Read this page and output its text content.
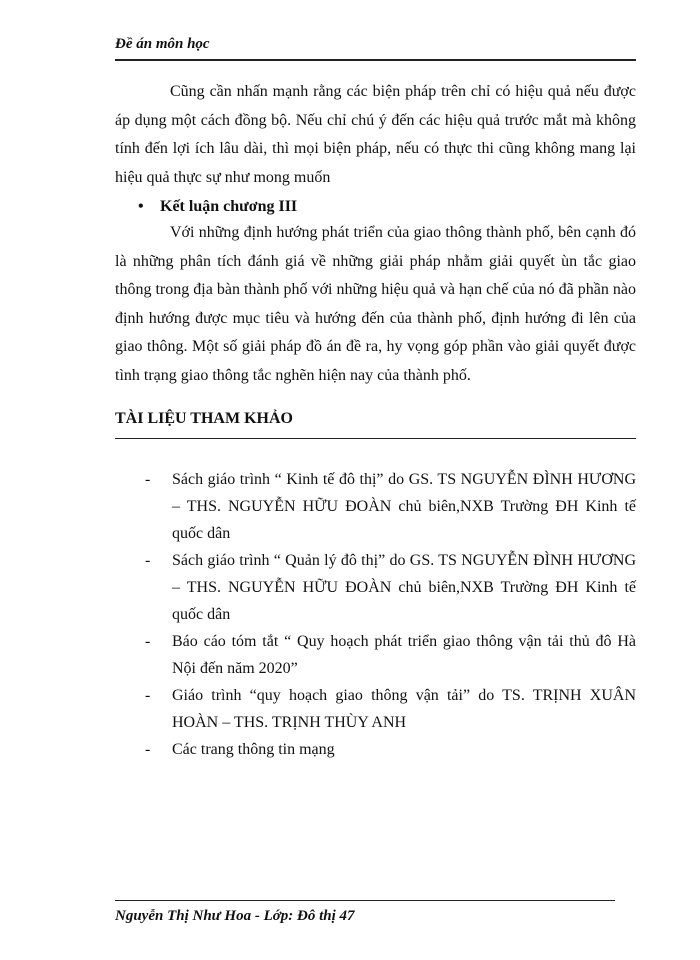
Đề án môn học

Cũng cần nhấn mạnh rằng các biện pháp trên chỉ có hiệu quả nếu được áp dụng một cách đồng bộ. Nếu chỉ chú ý đến các hiệu quả trước mắt mà không tính đến lợi ích lâu dài, thì mọi biện pháp, nếu có thực thi cũng không mang lại hiệu quả thực sự như mong muốn

• Kết luận chương III

Với những định hướng phát triển của giao thông thành phố, bên cạnh đó là những phân tích đánh giá về những giải pháp nhằm giải quyết ùn tắc giao thông trong địa bàn thành phố với những hiệu quả và hạn chế của nó đã phần nào định hướng được mục tiêu và hướng đến của thành phố, định hướng đi lên của giao thông. Một số giải pháp đồ án đề ra, hy vọng góp phần vào giải quyết được tình trạng giao thông tắc nghẽn hiện nay của thành phố.

TÀI LIỆU THAM KHẢO
- Sách giáo trình “ Kinh tế đô thị” do GS. TS NGUYỄN ĐÌNH HƯƠNG – THS. NGUYỄN HỮU ĐOÀN chủ biên,NXB Trường ĐH Kinh tế quốc dân
- Sách giáo trình “ Quản lý đô thị” do GS. TS NGUYỄN ĐÌNH HƯƠNG – THS. NGUYỄN HỮU ĐOÀN chủ biên,NXB Trường ĐH Kinh tế quốc dân
- Báo cáo tóm tắt “ Quy hoạch phát triển giao thông vận tải thủ đô Hà Nội đến năm 2020”
- Giáo trình “quy hoạch giao thông vận tải” do TS. TRỊNH XUÂN HOÀN – THS. TRỊNH THÙY ANH
- Các trang thông tin mạng
Nguyễn Thị Như Hoa - Lớp: Đô thị 47
